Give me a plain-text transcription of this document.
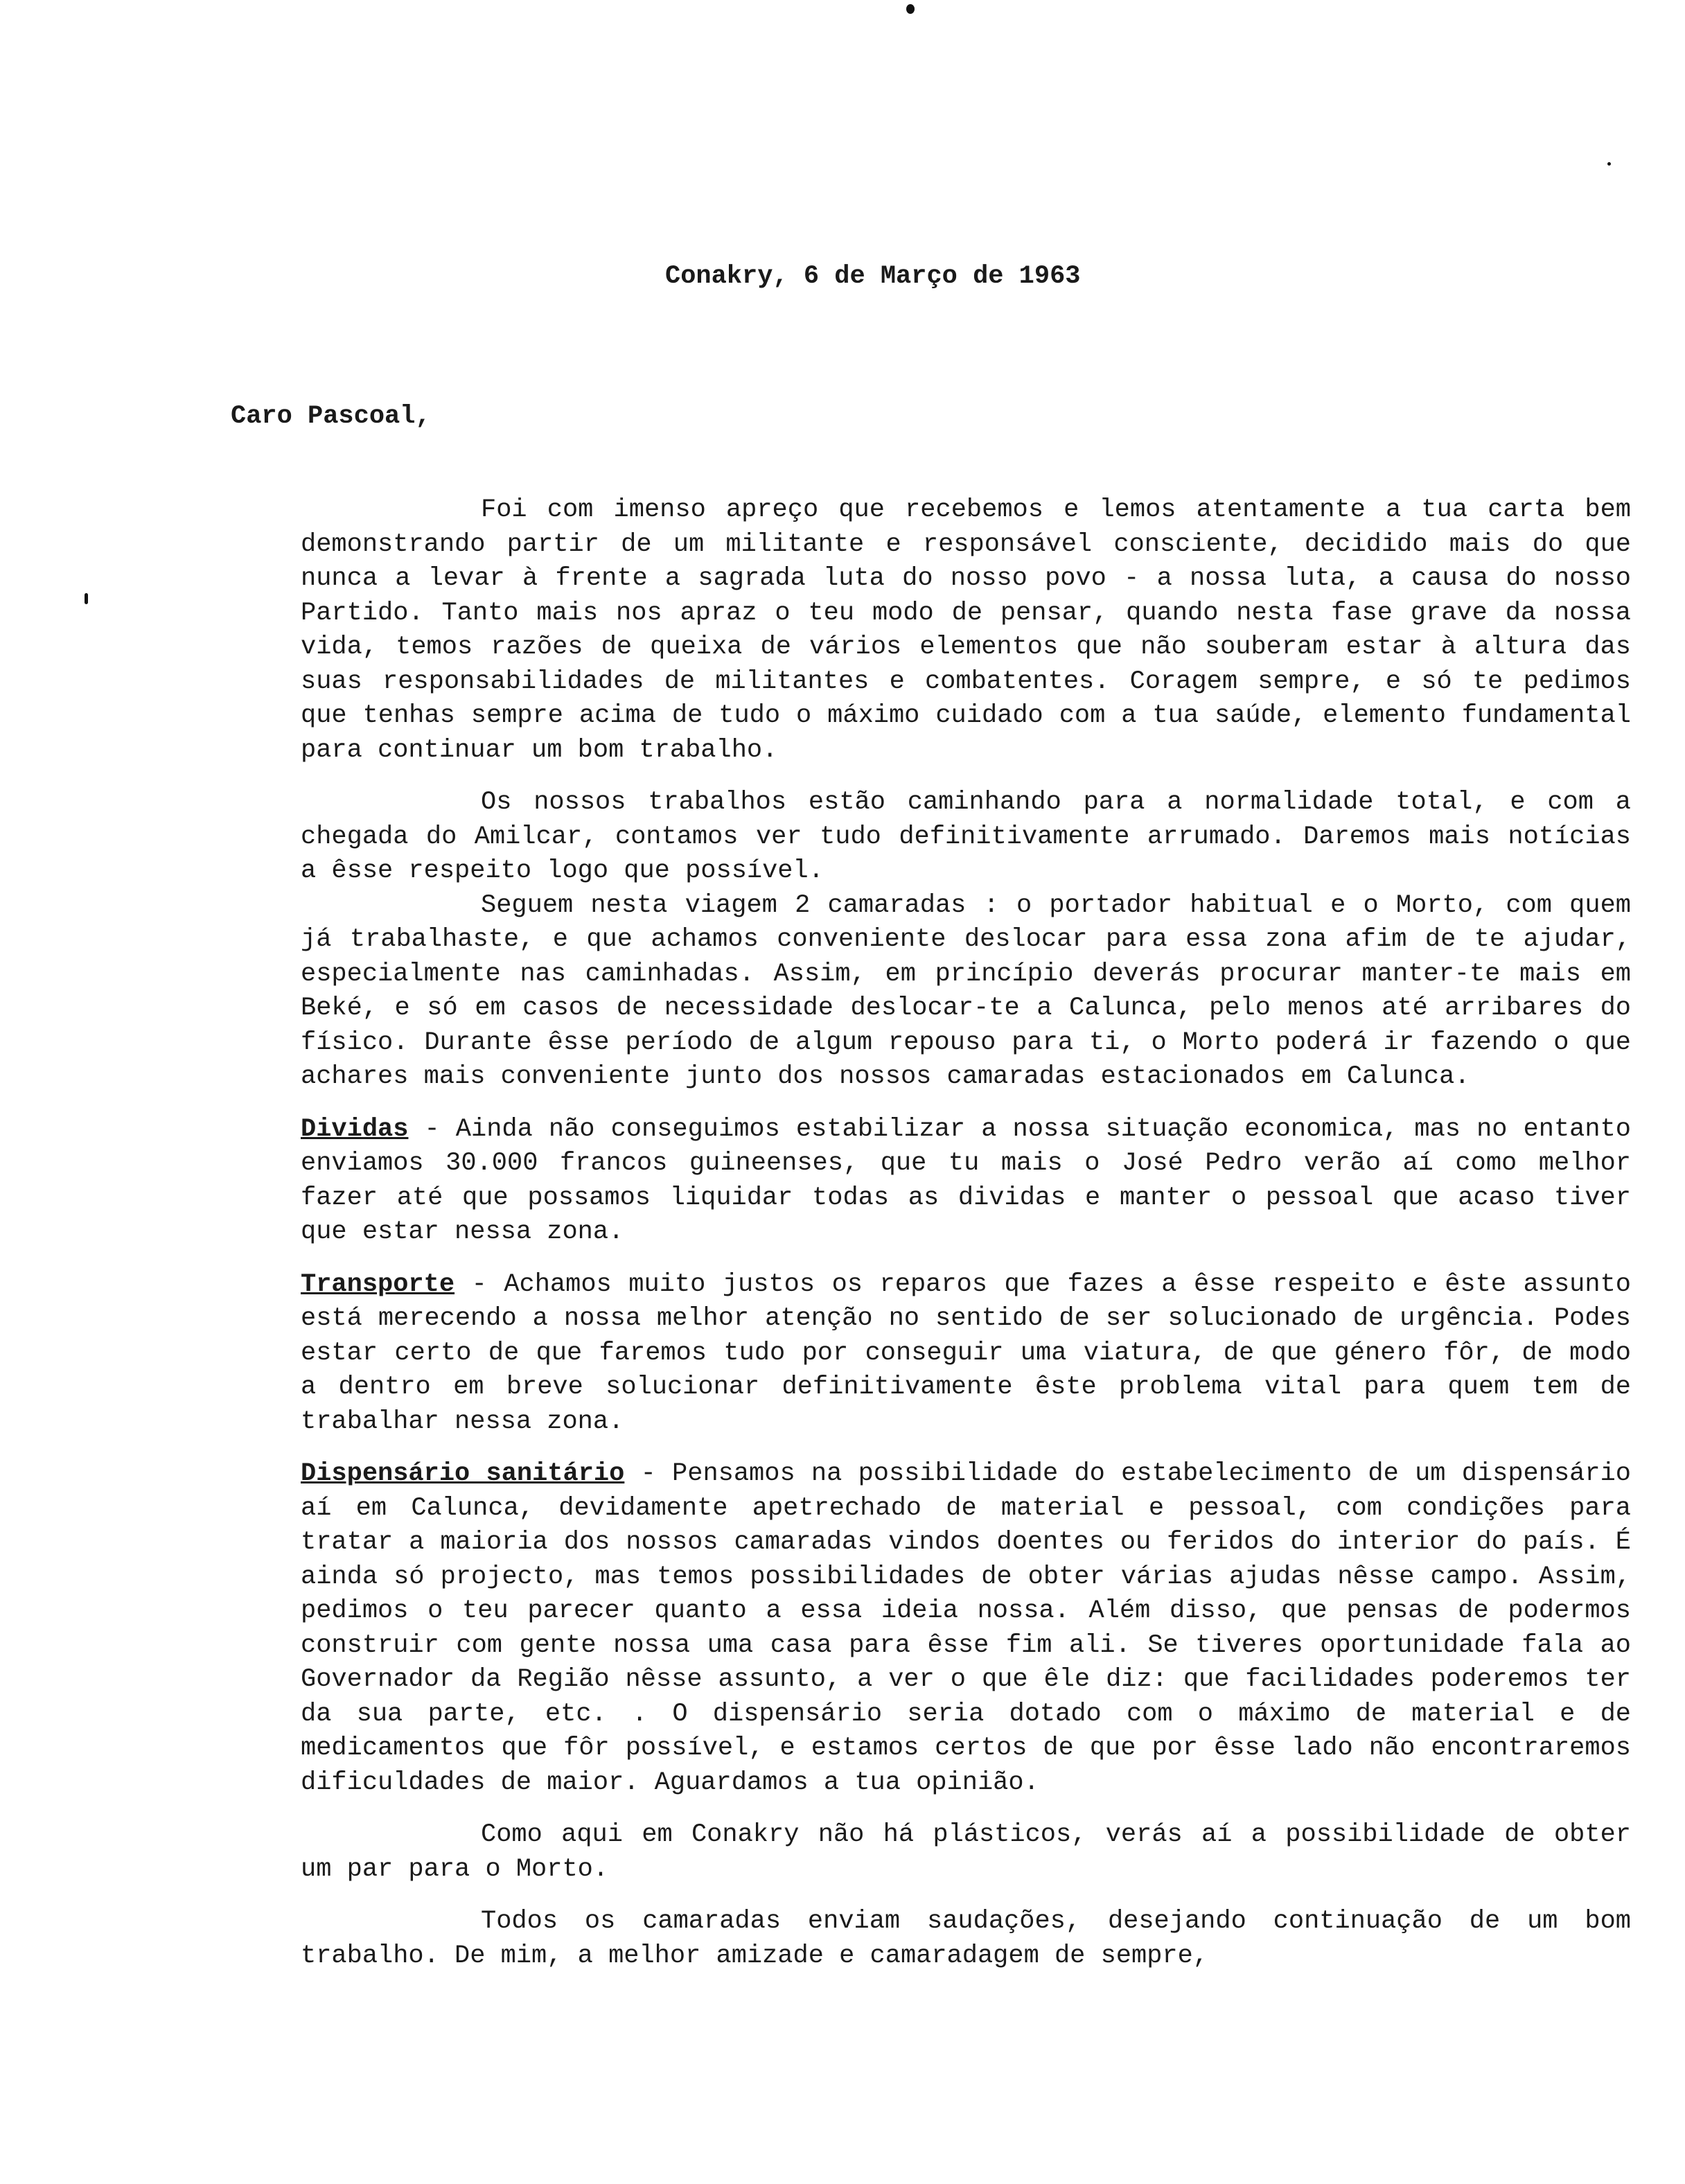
Conakry, 6 de Março de 1963
Caro Pascoal,

Foi com imenso apreço que recebemos e lemos atentamente a tua carta bem demonstrando partir de um militante e responsável consciente, decidido mais do que nunca a levar à frente a sagrada luta do nosso povo - a nossa luta, a causa do nosso Partido. Tanto mais nos apraz o teu modo de pensar, quando nesta fase grave da nossa vida, temos razões de queixa de vários elementos que não souberam estar à altura das suas responsabilidades de militantes e combatentes. Coragem sempre, e só te pedimos que tenhas sempre acima de tudo o máximo cuidado com a tua saúde, elemento fundamental para continuar um bom trabalho.

Os nossos trabalhos estão caminhando para a normalidade total, e com a chegada do Amilcar, contamos ver tudo definitivamente arrumado. Daremos mais notícias a êsse respeito logo que possível.

Seguem nesta viagem 2 camaradas : o portador habitual e o Morto, com quem já trabalhaste, e que achamos conveniente deslocar para essa zona afim de te ajudar, especialmente nas caminhadas. Assim, em princípio deverás procurar manter-te mais em Beké, e só em casos de necessidade deslocar-te a Calunca, pelo menos até arribares do físico. Durante êsse período de algum repouso para ti, o Morto poderá ir fazendo o que achares mais conveniente junto dos nossos camaradas estacionados em Calunca.

Dividas - Ainda não conseguimos estabilizar a nossa situação economica, mas no entanto enviamos 30.000 francos guineenses, que tu mais o José Pedro verão aí como melhor fazer até que possamos liquidar todas as dividas e manter o pessoal que acaso tiver que estar nessa zona.

Transporte - Achamos muito justos os reparos que fazes a êsse respeito e êste assunto está merecendo a nossa melhor atenção no sentido de ser solucionado de urgência. Podes estar certo de que faremos tudo por conseguir uma viatura, de que género fôr, de modo a dentro em breve solucionar definitivamente êste problema vital para quem tem de trabalhar nessa zona.

Dispensário sanitário - Pensamos na possibilidade do estabelecimento de um dispensário aí em Calunca, devidamente apetrechado de material e pessoal, com condições para tratar a maioria dos nossos camaradas vindos doentes ou feridos do interior do país. É ainda só projecto, mas temos possibilidades de obter várias ajudas nêsse campo. Assim, pedimos o teu parecer quanto a essa ideia nossa. Além disso, que pensas de podermos construir com gente nossa uma casa para êsse fim ali. Se tiveres oportunidade fala ao Governador da Região nêsse assunto, a ver o que êle diz: que facilidades poderemos ter da sua parte, etc. . O dispensário seria dotado com o máximo de material e de medicamentos que fôr possível, e estamos certos de que por êsse lado não encontraremos dificuldades de maior. Aguardamos a tua opinião.

Como aqui em Conakry não há plásticos, verás aí a possibilidade de obter um par para o Morto.

Todos os camaradas enviam saudações, desejando continuação de um bom trabalho. De mim, a melhor amizade e camaradagem de sempre,
